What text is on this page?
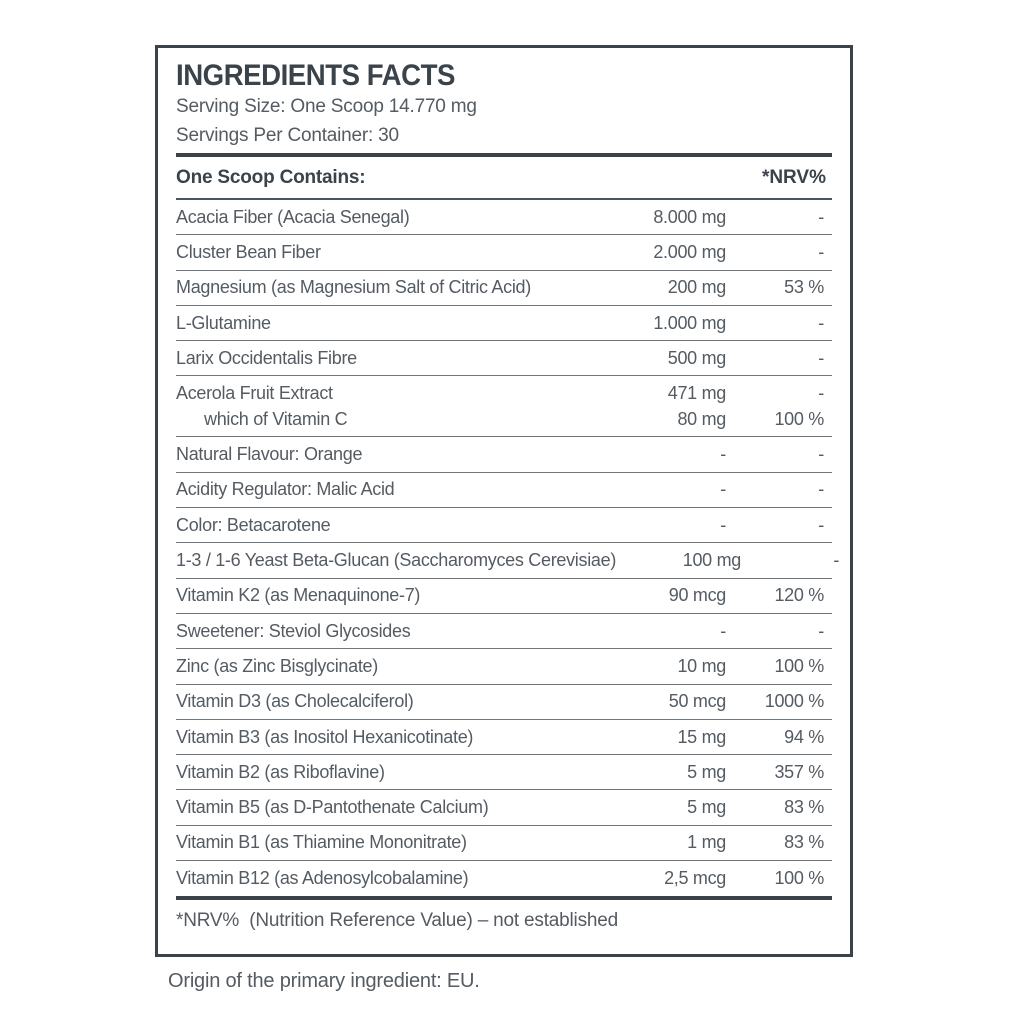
INGREDIENTS FACTS
Serving Size: One Scoop 14.770 mg
Servings Per Container: 30
One Scoop Contains:	*NRV%
Acacia Fiber (Acacia Senegal)	8.000 mg	-
Cluster Bean Fiber	2.000 mg	-
Magnesium (as Magnesium Salt of Citric Acid)	200 mg	53 %
L-Glutamine	1.000 mg	-
Larix Occidentalis Fibre	500 mg	-
Acerola Fruit Extract	471 mg	-
which of Vitamin C	80 mg	100 %
Natural Flavour: Orange	-	-
Acidity Regulator: Malic Acid	-	-
Color: Betacarotene	-	-
1-3 / 1-6 Yeast Beta-Glucan (Saccharomyces Cerevisiae)	100 mg	-
Vitamin K2 (as Menaquinone-7)	90 mcg	120 %
Sweetener: Steviol Glycosides	-	-
Zinc (as Zinc Bisglycinate)	10 mg	100 %
Vitamin D3 (as Cholecalciferol)	50 mcg	1000 %
Vitamin B3 (as Inositol Hexanicotinate)	15 mg	94 %
Vitamin B2 (as Riboflavine)	5 mg	357 %
Vitamin B5 (as D-Pantothenate Calcium)	5 mg	83 %
Vitamin B1 (as Thiamine Mononitrate)	1 mg	83 %
Vitamin B12 (as Adenosylcobalamine)	2,5 mcg	100 %
*NRV%  (Nutrition Reference Value) – not established
Origin of the primary ingredient: EU.
